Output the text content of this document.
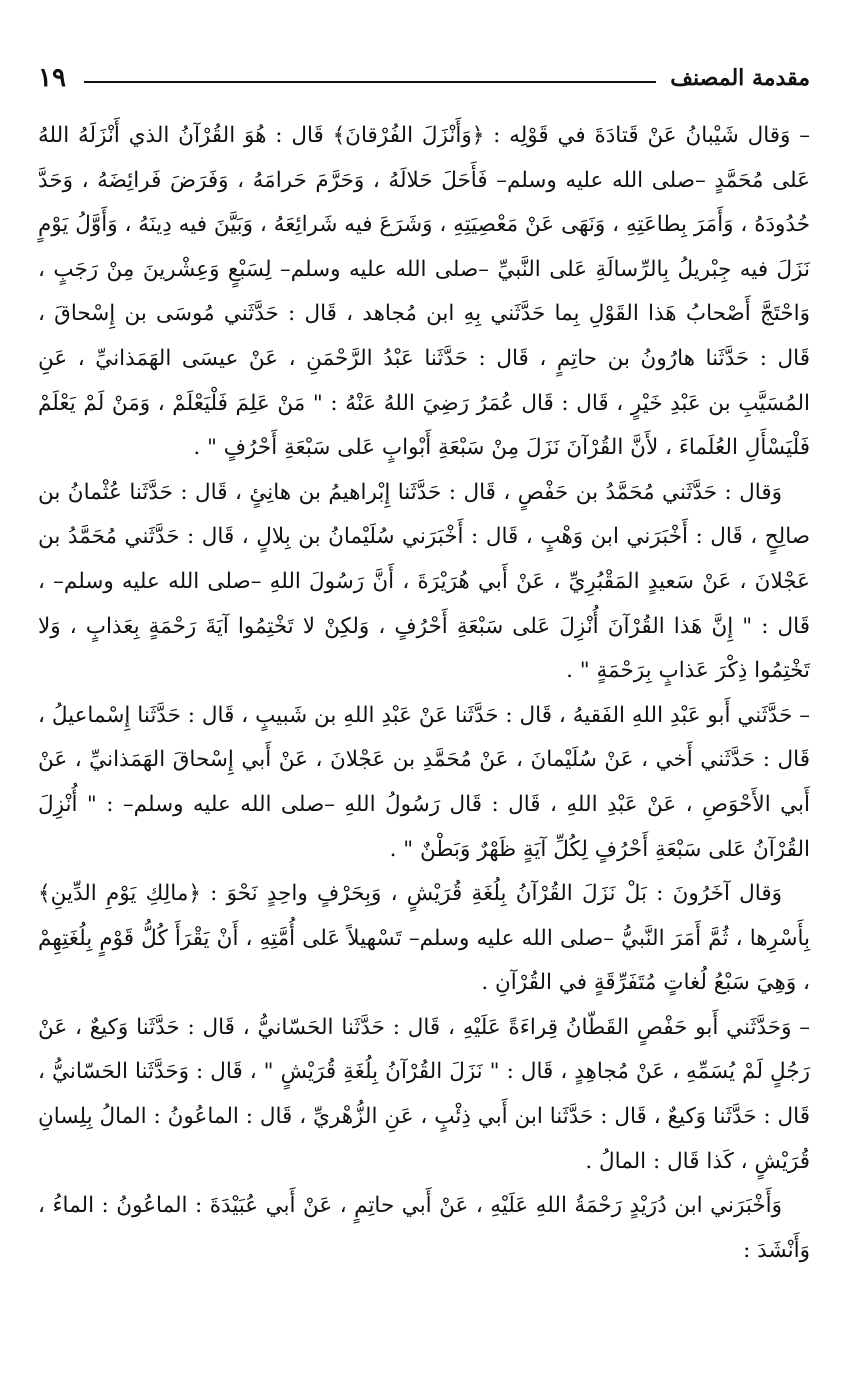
مقدمة المصنف
١٩

– وَقال شَيْبانُ عَنْ قَتادَةَ في قَوْلِه : ﴿وَأَنْزَلَ الفُرْقانَ﴾ قَال : هُوَ القُرْآنُ الذي أَنْزَلَهُ اللهُ عَلى مُحَمَّدٍ –صلى الله عليه وسلم– فَأَحَلَ حَلالَهُ ، وَحَرَّمَ حَرامَهُ ، وَفَرَضَ فَرائِضَهُ ، وَحَدَّ حُدُودَهُ ، وَأَمَرَ بِطاعَتِهِ ، وَنَهَى عَنْ مَعْصِيَتِهِ ، وَشَرَعَ فيه شَرائِعَهُ ، وَبَيَّنَ فيه دِينَهُ ، وَأَوَّلُ يَوْمٍ نَزَلَ فيه جِبْريلُ بِالرِّسالَةِ عَلى النَّبيِّ –صلى الله عليه وسلم– لِسَبْعٍ وَعِشْرينَ مِنْ رَجَبٍ ، وَاحْتَجَّ أَصْحابُ هَذا القَوْلِ بِما حَدَّثَني بِهِ ابن مُجاهد ، قَال : حَدَّثَني مُوسَى بن إِسْحاقَ ، قَال : حَدَّثَنا هارُونُ بن حاتِمٍ ، قَال : حَدَّثَنا عَبْدُ الرَّحْمَنِ ، عَنْ عيسَى الهَمَذانيِّ ، عَنِ المُسَيَّبِ بن عَبْدِ خَيْرٍ ، قَال : قَال عُمَرُ رَضِيَ اللهُ عَنْهُ : " مَنْ عَلِمَ فَلْيَعْلَمْ ، وَمَنْ لَمْ يَعْلَمْ فَلْيَسْأَلِ العُلَماءَ ، لأَنَّ القُرْآنَ نَزَلَ مِنْ سَبْعَةِ أَبْوابٍ عَلى سَبْعَةِ أَحْرُفٍ " .

وَقال : حَدَّثَني مُحَمَّدُ بن حَفْصٍ ، قَال : حَدَّثَنا إِبْراهيمُ بن هانِئٍ ، قَال : حَدَّثَنا عُثْمانُ بن صالِحٍ ، قَال : أَخْبَرَني ابن وَهْبٍ ، قَال : أَخْبَرَني سُلَيْمانُ بن بِلالٍ ، قَال : حَدَّثَني مُحَمَّدُ بن عَجْلانَ ، عَنْ سَعيدٍ المَقْبُرِيِّ ، عَنْ أَبي هُرَيْرَةَ ، أَنَّ رَسُولَ اللهِ –صلى الله عليه وسلم– ، قَال : " إِنَّ هَذا القُرْآنَ أُنْزِلَ عَلى سَبْعَةِ أَحْرُفٍ ، وَلكِنْ لا تَخْتِمُوا آيَةَ رَحْمَةٍ بِعَذابٍ ، وَلا تَخْتِمُوا ذِكْرَ عَذابٍ بِرَحْمَةٍ " .

– حَدَّثَني أَبو عَبْدِ اللهِ الفَقيهُ ، قَال : حَدَّثَنا عَنْ عَبْدِ اللهِ بن شَبيبٍ ، قَال : حَدَّثَنا إِسْماعيلُ ، قَال : حَدَّثَني أَخي ، عَنْ سُلَيْمانَ ، عَنْ مُحَمَّدِ بن عَجْلانَ ، عَنْ أَبي إِسْحاقَ الهَمَذانيِّ ، عَنْ أَبي الأَحْوَصِ ، عَنْ عَبْدِ اللهِ ، قَال : قَال رَسُولُ اللهِ –صلى الله عليه وسلم– : " أُنْزِلَ القُرْآنُ عَلى سَبْعَةِ أَحْرُفٍ لِكُلِّ آيَةٍ ظَهْرٌ وَبَطْنٌ " .

وَقال آخَرُونَ : بَلْ نَزَلَ القُرْآنُ بِلُغَةِ قُرَيْشٍ ، وَبِحَرْفٍ واحِدٍ نَحْوَ : ﴿مالِكِ يَوْمِ الدِّينِ﴾ بِأَسْرِها ، ثُمَّ أَمَرَ النَّبيُّ –صلى الله عليه وسلم– تَسْهيلاً عَلى أُمَّتِهِ ، أَنْ يَقْرَأَ كُلُّ قَوْمٍ بِلُغَتِهِمْ ، وَهِيَ سَبْعُ لُغاتٍ مُتَفَرِّقَةٍ في القُرْآنِ .

– وَحَدَّثَني أَبو حَفْصٍ القَطّانُ قِراءَةً عَلَيْهِ ، قَال : حَدَّثَنا الحَسّانيُّ ، قَال : حَدَّثَنا وَكيعٌ ، عَنْ رَجُلٍ لَمْ يُسَمِّهِ ، عَنْ مُجاهِدٍ ، قَال : " نَزَلَ القُرْآنُ بِلُغَةِ قُرَيْشٍ " ، قَال : وَحَدَّثَنا الحَسّانيُّ ، قَال : حَدَّثَنا وَكيعٌ ، قَال : حَدَّثَنا ابن أَبي ذِئْبٍ ، عَنِ الزُّهْريِّ ، قَال : الماعُونُ : المالُ بِلِسانِ قُرَيْشٍ ، كَذا قَال : المالُ .

وَأَخْبَرَني ابن دُرَيْدٍ رَحْمَةُ اللهِ عَلَيْهِ ، عَنْ أَبي حاتِمٍ ، عَنْ أَبي عُبَيْدَةَ : الماعُونُ : الماءُ ، وَأَنْشَدَ :
